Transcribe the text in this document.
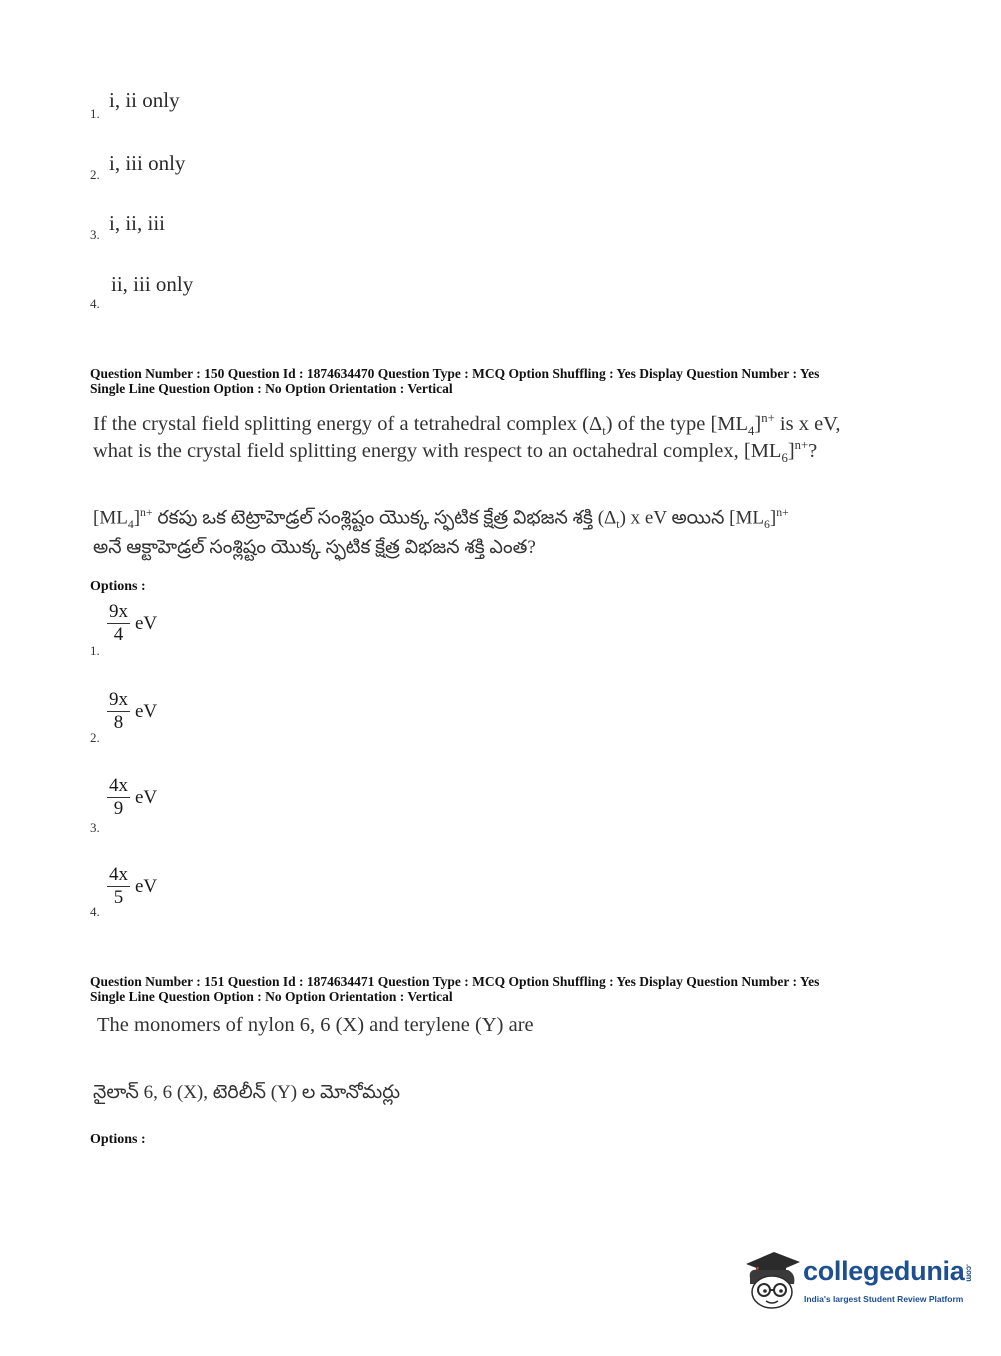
i, ii only
1.
i, iii only
2.
i, ii, iii
3.
ii, iii only
4.
Question Number : 150 Question Id : 1874634470 Question Type : MCQ Option Shuffling : Yes Display Question Number : Yes
Single Line Question Option : No Option Orientation : Vertical
If the crystal field splitting energy of a tetrahedral complex $(\Delta_t)$ of the type $[ML_4]^{n+}$ is x eV,
what is the crystal field splitting energy with respect to an octahedral complex, $[ML_6]^{n+}$?
$[ML_4]^{n+}$ రకపు ఒక టెట్రాహెడ్రల్ సంశ్లిష్టం యొక్క స్ఫటిక క్షేత్ర విభజన శక్తి $(\Delta_t)$ x eV అయిన $[ML_6]^{n+}$
అనే ఆక్టాహెడ్రల్ సంశ్లిష్టం యొక్క స్ఫటిక క్షేత్ర విభజన శక్తి ఎంత?
Options :
$\frac{9x}{4}$ eV
1.
$\frac{9x}{8}$ eV
2.
$\frac{4x}{9}$ eV
3.
$\frac{4x}{5}$ eV
4.
Question Number : 151 Question Id : 1874634471 Question Type : MCQ Option Shuffling : Yes Display Question Number : Yes
Single Line Question Option : No Option Orientation : Vertical
The monomers of nylon 6, 6 (X) and terylene (Y) are
నైలాన్ 6, 6 (X), టెరిలీన్ (Y) ల మోనోమర్లు
Options :
collegedunia.com
India's largest Student Review Platform
